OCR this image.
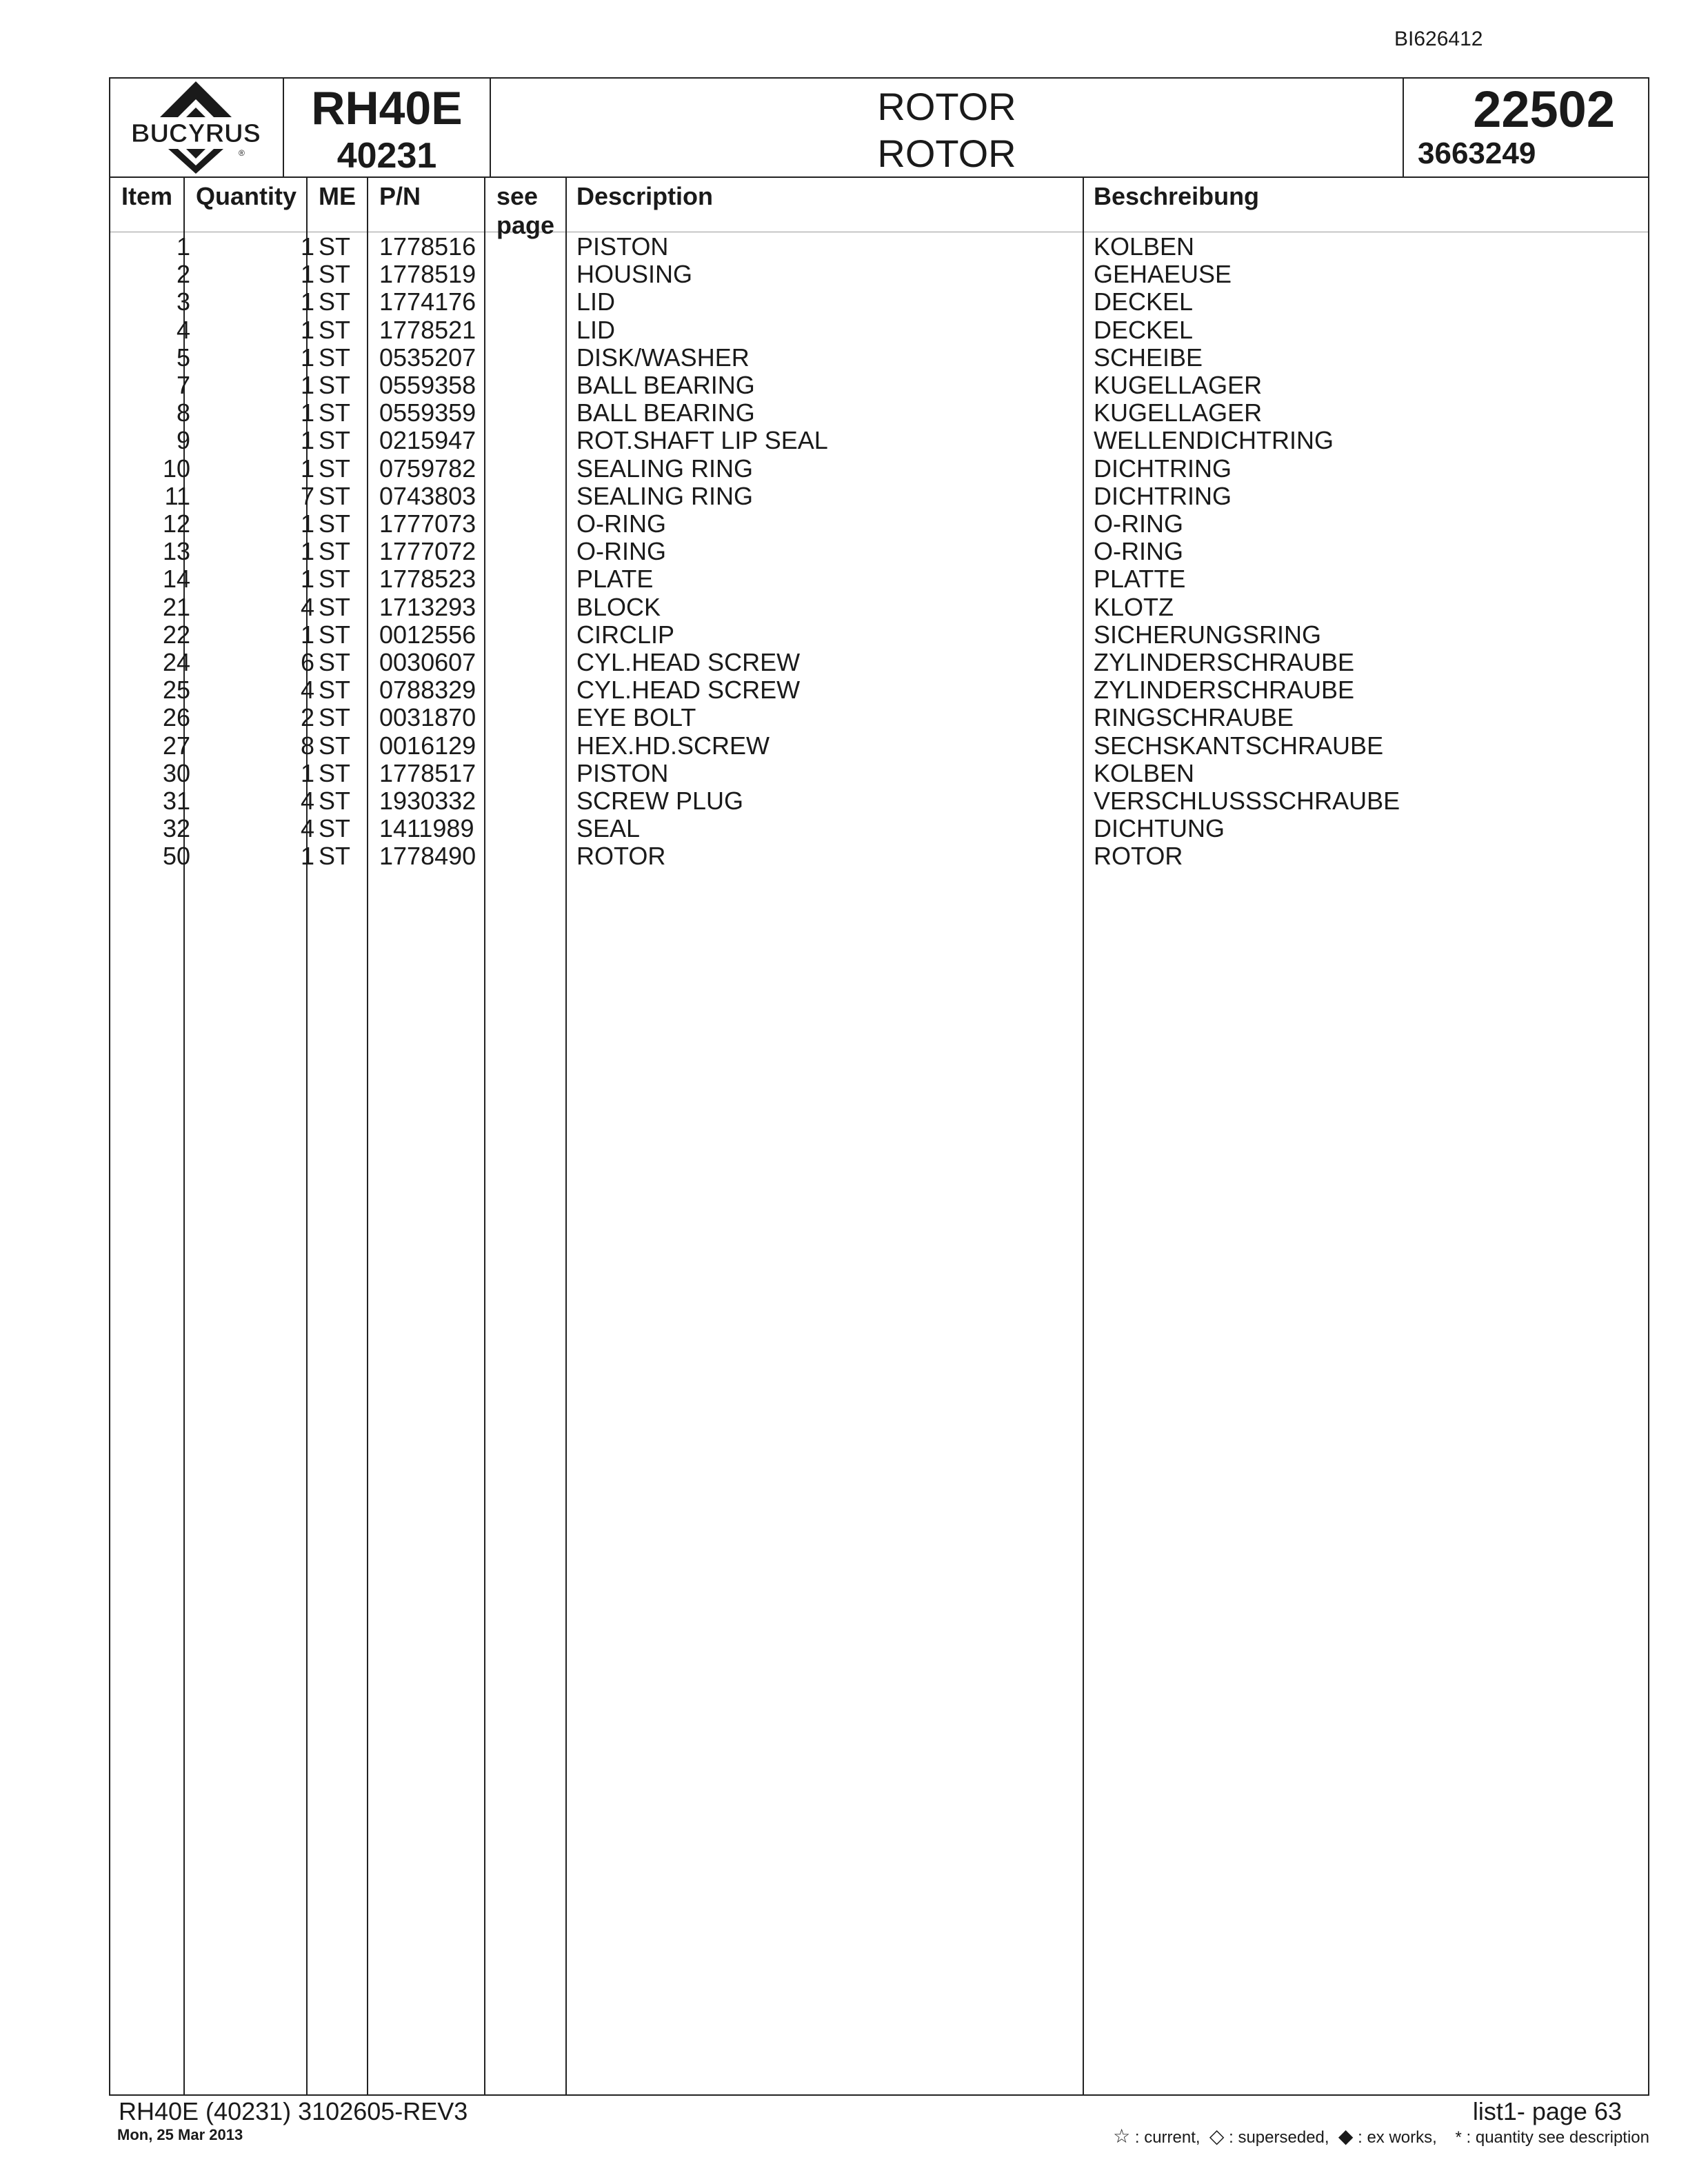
BI626412
BUCYRUS
®
RH40E
40231
ROTOR
ROTOR
22502
3663249
Item Quantity ME P/N	see
page
Description	Beschreibung
1	1 ST 1778516	PISTON	KOLBEN
2	1 ST 1778519	HOUSING	GEHAEUSE
3	1 ST 1774176	LID	DECKEL
4	1 ST 1778521	LID	DECKEL
5	1 ST 0535207	DISK/WASHER	SCHEIBE
7	1 ST 0559358	BALL BEARING	KUGELLAGER
8	1 ST 0559359	BALL BEARING	KUGELLAGER
9	1 ST 0215947	ROT.SHAFT LIP SEAL	WELLENDICHTRING
10	1 ST 0759782	SEALING RING	DICHTRING
11	7 ST 0743803	SEALING RING	DICHTRING
12	1 ST 1777073	O-RING	O-RING
13	1 ST 1777072	O-RING	O-RING
14	1 ST 1778523	PLATE	PLATTE
21	4 ST 1713293	BLOCK	KLOTZ
22	1 ST 0012556	CIRCLIP	SICHERUNGSRING
24	6 ST 0030607	CYL.HEAD SCREW	ZYLINDERSCHRAUBE
25	4 ST 0788329	CYL.HEAD SCREW	ZYLINDERSCHRAUBE
26	2 ST 0031870	EYE BOLT	RINGSCHRAUBE
27	8 ST 0016129	HEX.HD.SCREW	SECHSKANTSCHRAUBE
30	1 ST 1778517	PISTON	KOLBEN
31	4 ST 1930332	SCREW PLUG	VERSCHLUSSSCHRAUBE
32	4 ST 1411989	SEAL	DICHTUNG
50	1 ST 1778490	ROTOR	ROTOR
RH40E (40231) 3102605-REV3
Mon, 25 Mar 2013
list1- page 63
☆ : current, ◇ : superseded, ◆ : ex works, * : quantity see description
